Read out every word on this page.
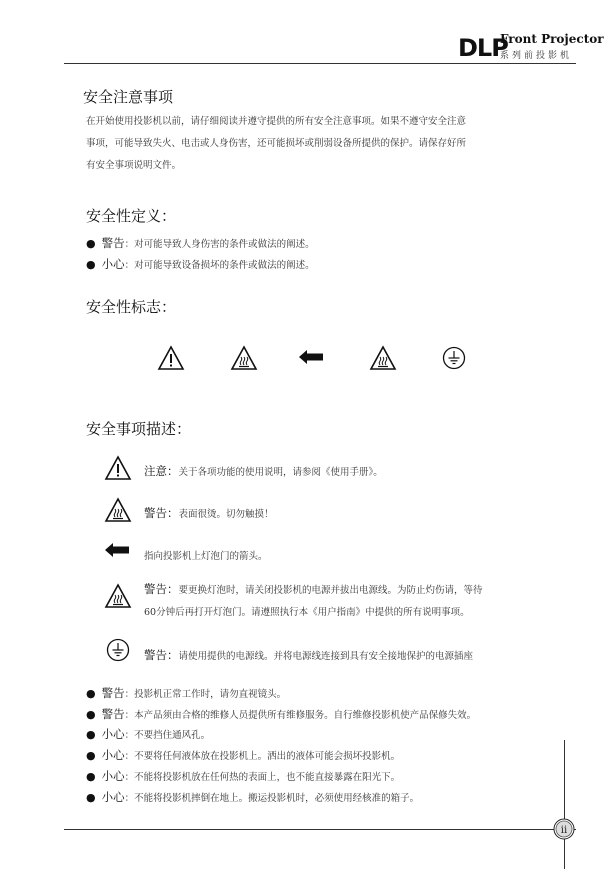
DLP
Front Projector
系列前投影机
安全注意事项
在开始使用投影机以前，请仔细阅读并遵守提供的所有安全注意事项。如果不遵守安全注意
事项，可能导致失火、电击或人身伤害，还可能损坏或削弱设备所提供的保护。请保存好所
有安全事项说明文件。
安全性定义：
● 警告：对可能导致人身伤害的条件或做法的阐述。
● 小心：对可能导致设备损坏的条件或做法的阐述。
安全性标志：
安全事项描述：
注意：关于各项功能的使用说明，请参阅《使用手册》。
警告：表面很烫。切勿触摸！
指向投影机上灯泡门的箭头。
警告：要更换灯泡时，请关闭投影机的电源并拔出电源线。为防止灼伤请，等待
60分钟后再打开灯泡门。请遵照执行本《用户指南》中提供的所有说明事项。
警告：请使用提供的电源线。并将电源线连接到具有安全接地保护的电源插座
● 警告：投影机正常工作时，请勿直视镜头。
● 警告：本产品须由合格的维修人员提供所有维修服务。自行维修投影机使产品保修失效。
● 小心：不要挡住通风孔。
● 小心：不要将任何液体放在投影机上。洒出的液体可能会损坏投影机。
● 小心：不能将投影机放在任何热的表面上，也不能直接暴露在阳光下。
● 小心：不能将投影机摔倒在地上。搬运投影机时，必须使用经核准的箱子。
ii
